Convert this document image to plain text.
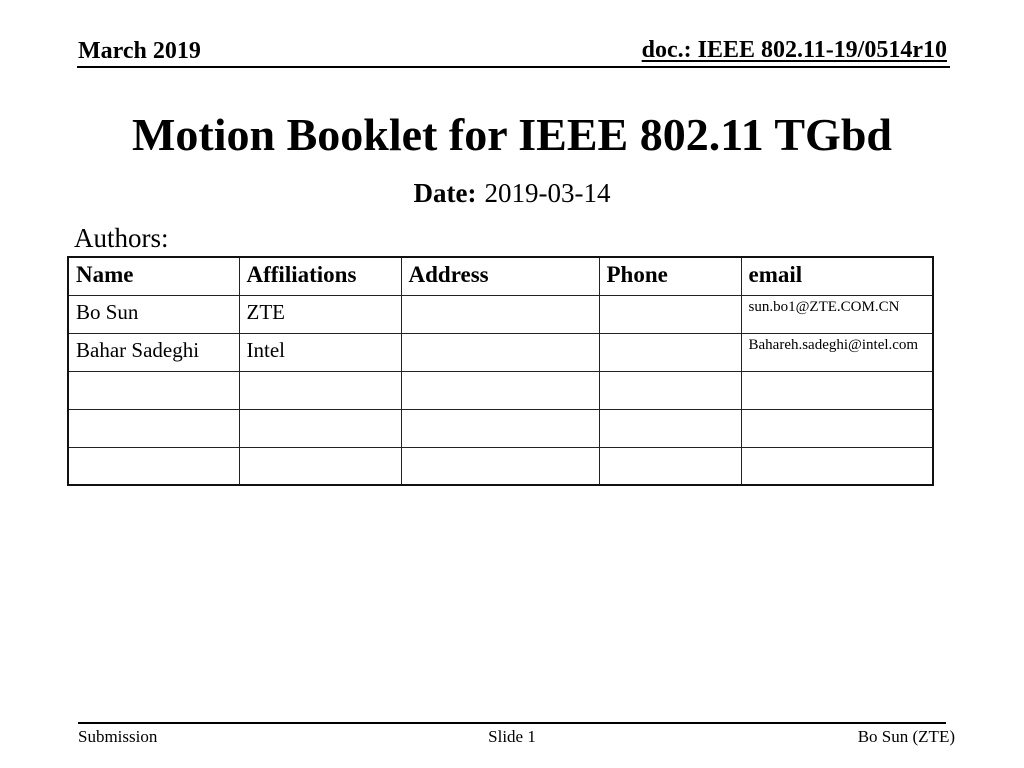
March 2019	doc.: IEEE 802.11-19/0514r10
Motion Booklet for IEEE 802.11 TGbd
Date: 2019-03-14
Authors:
Name	Affiliations	Address	Phone	email
Bo Sun	ZTE			sun.bo1@ZTE.COM.CN
Bahar Sadeghi	Intel			Bahareh.sadeghi@intel.com

Submission	Slide 1	Bo Sun (ZTE)
